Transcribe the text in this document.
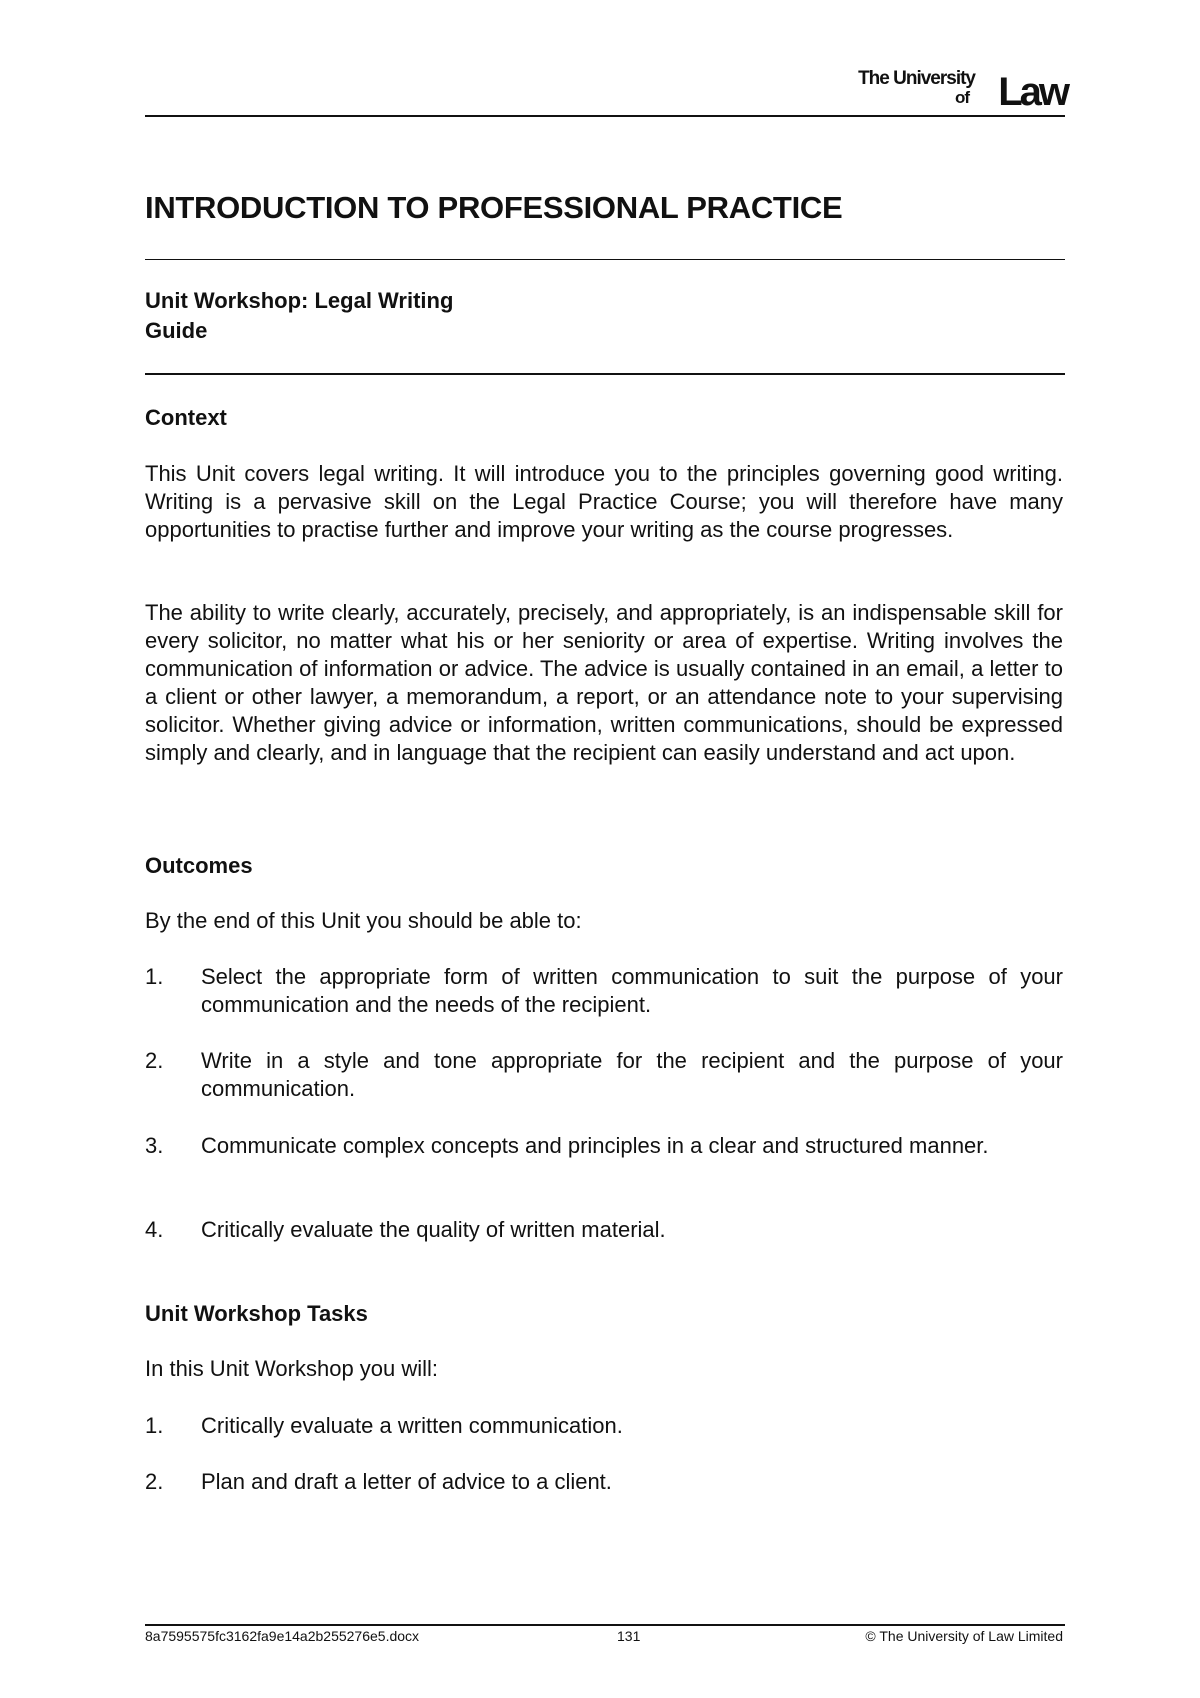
The University
of Law
INTRODUCTION TO PROFESSIONAL PRACTICE
Unit Workshop: Legal Writing
Guide
Context
This Unit covers legal writing. It will introduce you to the principles governing good writing. Writing is a pervasive skill on the Legal Practice Course; you will therefore have many opportunities to practise further and improve your writing as the course progresses.
The ability to write clearly, accurately, precisely, and appropriately, is an indispensable skill for every solicitor, no matter what his or her seniority or area of expertise. Writing involves the communication of information or advice. The advice is usually contained in an email, a letter to a client or other lawyer, a memorandum, a report, or an attendance note to your supervising solicitor. Whether giving advice or information, written communications, should be expressed simply and clearly, and in language that the recipient can easily understand and act upon.
Outcomes
By the end of this Unit you should be able to:
1. Select the appropriate form of written communication to suit the purpose of your communication and the needs of the recipient.
2. Write in a style and tone appropriate for the recipient and the purpose of your communication.
3. Communicate complex concepts and principles in a clear and structured manner.
4. Critically evaluate the quality of written material.
Unit Workshop Tasks
In this Unit Workshop you will:
1. Critically evaluate a written communication.
2. Plan and draft a letter of advice to a client.
8a7595575fc3162fa9e14a2b255276e5.docx	131	© The University of Law Limited
